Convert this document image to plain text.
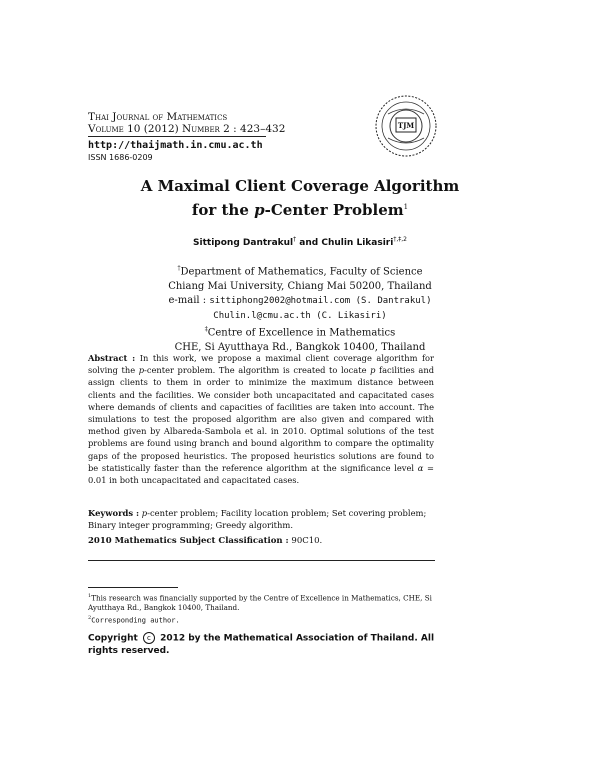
Thai Journal of Mathematics
Volume 10 (2012) Number 2 : 423–432
http://thaijmath.in.cmu.ac.th
ISSN 1686-0209
TJM
A Maximal Client Coverage Algorithm
for the p-Center Problem$^1$
Sittipong Dantrakul† and Chulin Likasiri$^{\dagger,\ddagger,2}$
†Department of Mathematics, Faculty of Science
Chiang Mai University, Chiang Mai 50200, Thailand
e-mail : sittiphong2002@hotmail.com (S. Dantrakul)
Chulin.l@cmu.ac.th (C. Likasiri)
‡Centre of Excellence in Mathematics
CHE, Si Ayutthaya Rd., Bangkok 10400, Thailand
Abstract : In this work, we propose a maximal client coverage algorithm for solving the p-center problem. The algorithm is created to locate p facilities and assign clients to them in order to minimize the maximum distance between clients and the facilities. We consider both uncapacitated and capacitated cases where demands of clients and capacities of facilities are taken into account. The simulations to test the proposed algorithm are also given and compared with method given by Albareda-Sambola et al. in 2010. Optimal solutions of the test problems are found using branch and bound algorithm to compare the optimality gaps of the proposed heuristics. The proposed heuristics solutions are found to be statistically faster than the reference algorithm at the significance level α = 0.01 in both uncapacitated and capacitated cases.
Keywords : p-center problem; Facility location problem; Set covering problem; Binary integer programming; Greedy algorithm.
2010 Mathematics Subject Classification : 90C10.
$^1$This research was financially supported by the Centre of Excellence in Mathematics, CHE, Si Ayutthaya Rd., Bangkok 10400, Thailand.
$^2$Corresponding author.
Copyright c 2012 by the Mathematical Association of Thailand. All rights reserved.
